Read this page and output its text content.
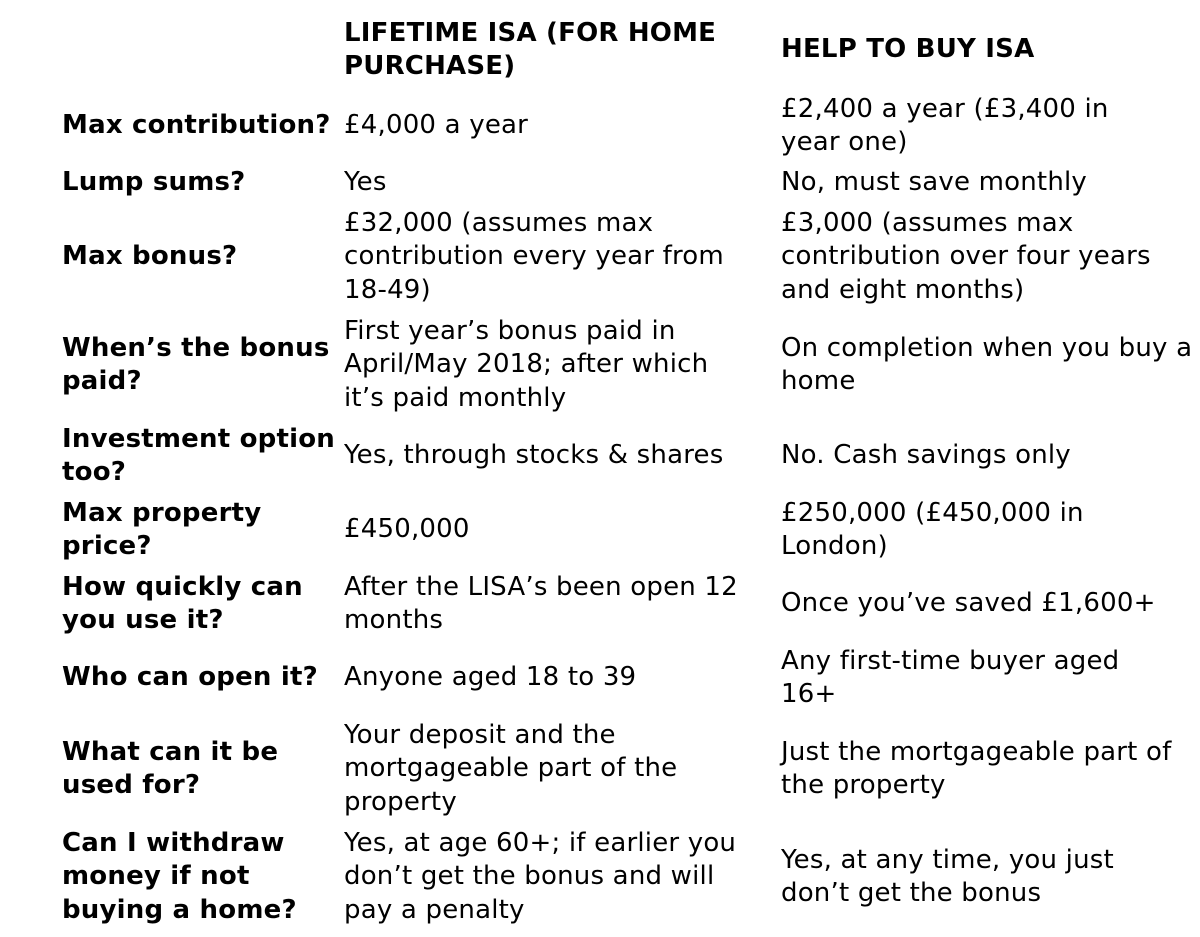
LIFETIME ISA (FOR HOME PURCHASE)
HELP TO BUY ISA
Max contribution? £4,000 a year
£2,400 a year (£3,400 in year one)
Lump sums?	Yes	No, must save monthly
Max bonus?
£32,000 (assumes max contribution every year from 18-49)
£3,000 (assumes max contribution over four years and eight months)
When’s the bonus paid?
First year’s bonus paid in April/May 2018; after which it’s paid monthly
On completion when you buy a home
Investment option too?
Yes, through stocks & shares No. Cash savings only
Max property price?
£450,000
£250,000 (£450,000 in London)
How quickly can you use it?
After the LISA’s been open 12 months
Once you’ve saved £1,600+
Who can open it? Anyone aged 18 to 39
Any first-time buyer aged 16+
What can it be used for?
Your deposit and the mortgageable part of the property
Just the mortgageable part of the property
Can I withdraw money if not buying a home?
Yes, at age 60+; if earlier you don’t get the bonus and will pay a penalty
Yes, at any time, you just don’t get the bonus
